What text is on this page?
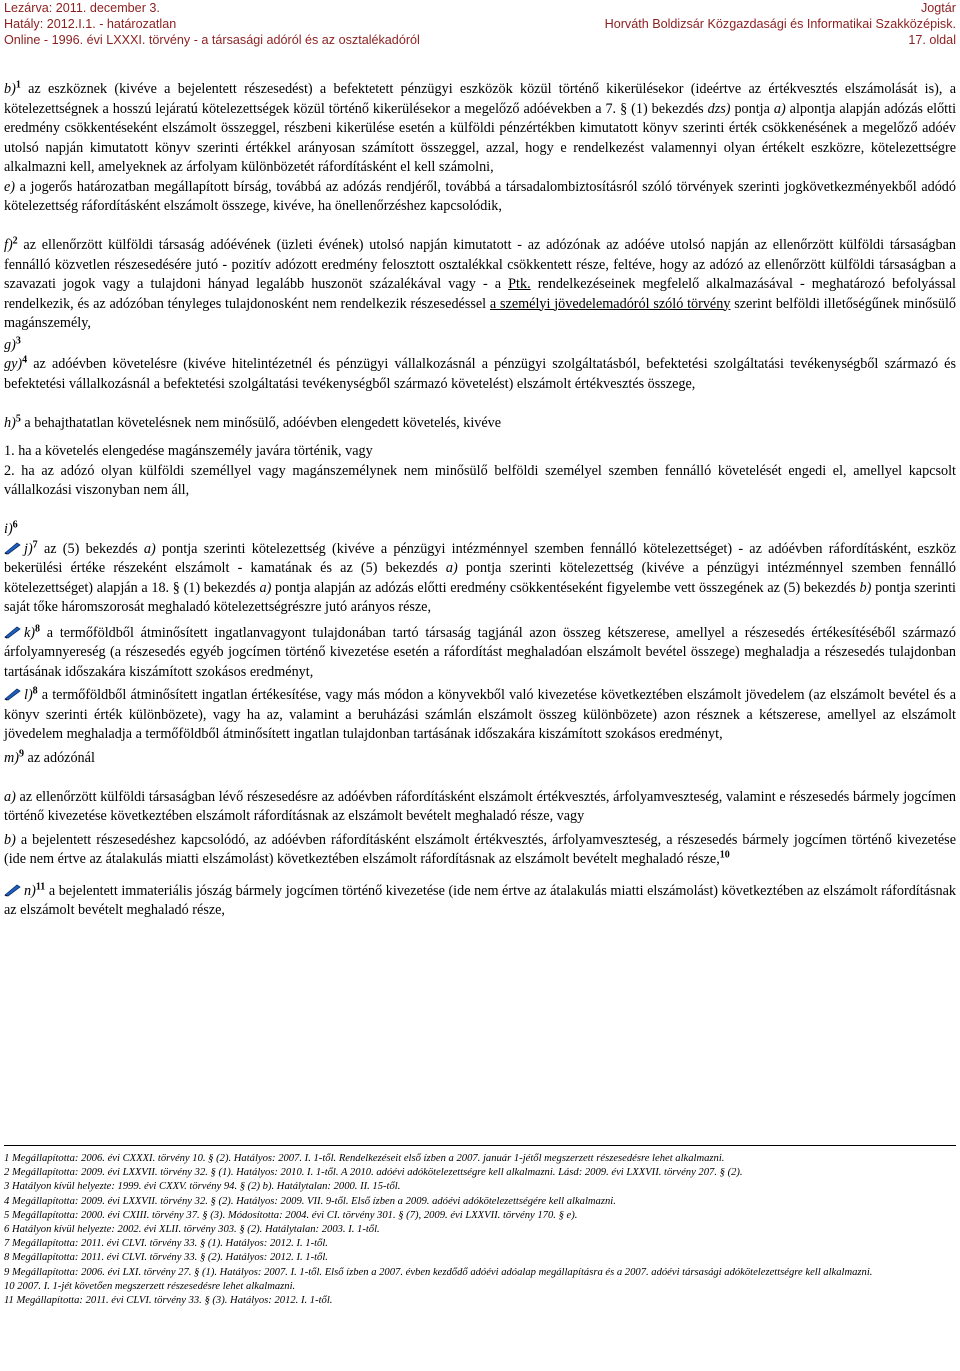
Lezárva: 2011. december 3.
Hatály: 2012.I.1. - határozatlan
Online - 1996. évi LXXXI. törvény - a társasági adóról és az osztalékadóról
Jogtár
Horváth Boldizsár Közgazdasági és Informatikai Szakközépisk.
17. oldal

b)$^1$ az eszköznek (kivéve a bejelentett részesedést) a befektetett pénzügyi eszközök közül történő kikerülésekor (ideértve az értékvesztés elszámolását is), a kötelezettségnek a hosszú lejáratú kötelezettségek közül történő kikerülésekor a megelőző adóévekben a 7. § (1) bekezdés dzs) pontja a) alpontja alapján adózás előtti eredmény csökkentéseként elszámolt összeggel, részbeni kikerülése esetén a külföldi pénzértékben kimutatott könyv szerinti érték csökkenésének a megelőző adóév utolsó napján kimutatott könyv szerinti értékkel arányosan számított összeggel, azzal, hogy e rendelkezést valamennyi olyan értékelt eszközre, kötelezettségre alkalmazni kell, amelyeknek az árfolyam különbözetét ráfordításként el kell számolni,

e) a jogerős határozatban megállapított bírság, továbbá az adózás rendjéről, továbbá a társadalombiztosításról szóló törvények szerinti jogkövetkezményekből adódó kötelezettség ráfordításként elszámolt összege, kivéve, ha önellenőrzéshez kapcsolódik,

f)$^2$ az ellenőrzött külföldi társaság adóévének (üzleti évének) utolsó napján kimutatott - az adózónak az adóéve utolsó napján az ellenőrzött külföldi társaságban fennálló közvetlen részesedésére jutó - pozitív adózott eredmény felosztott osztalékkal csökkentett része, feltéve, hogy az adózó az ellenőrzött külföldi társaságban a szavazati jogok vagy a tulajdoni hányad legalább huszonöt százalékával vagy - a Ptk. rendelkezéseinek megfelelő alkalmazásával - meghatározó befolyással rendelkezik, és az adózóban tényleges tulajdonosként nem rendelkezik részesedéssel a személyi jövedelemadóról szóló törvény szerint belföldi illetőségűnek minősülő magánszemély,

g)$^3$

gy)$^4$ az adóévben követelésre (kivéve hitelintézetnél és pénzügyi vállalkozásnál a pénzügyi szolgáltatásból, befektetési szolgáltatási tevékenységből származó és befektetési vállalkozásnál a befektetési szolgáltatási tevékenységből származó követelést) elszámolt értékvesztés összege,

h)$^5$ a behajthatatlan követelésnek nem minősülő, adóévben elengedett követelés, kivéve

1. ha a követelés elengedése magánszemély javára történik, vagy

2. ha az adózó olyan külföldi személlyel vagy magánszemélynek nem minősülő belföldi személyel szemben fennálló követelését engedi el, amellyel kapcsolt vállalkozási viszonyban nem áll,

i)$^6$

j)$^7$ az (5) bekezdés a) pontja szerinti kötelezettség (kivéve a pénzügyi intézménnyel szemben fennálló kötelezettséget) - az adóévben ráfordításként, eszköz bekerülési értéke részeként elszámolt - kamatának és az (5) bekezdés a) pontja szerinti kötelezettség (kivéve a pénzügyi intézménnyel szemben fennálló kötelezettséget) alapján a 18. § (1) bekezdés a) pontja alapján az adózás előtti eredmény csökkentéseként figyelembe vett összegének az (5) bekezdés b) pontja szerinti saját tőke háromszorosát meghaladó kötelezettségrészre jutó arányos része,

k)$^8$ a termőföldből átminősített ingatlanvagyont tulajdonában tartó társaság tagjánál azon összeg kétszerese, amellyel a részesedés értékesítéséből származó árfolyamnyereség (a részesedés egyéb jogcímen történő kivezetése esetén a ráfordítást meghaladóan elszámolt bevétel összege) meghaladja a részesedés tulajdonban tartásának időszakára kiszámított szokásos eredményt,

l)$^8$ a termőföldből átminősített ingatlan értékesítése, vagy más módon a könyvekből való kivezetése következtében elszámolt jövedelem (az elszámolt bevétel és a könyv szerinti érték különbözete), vagy ha az, valamint a beruházási számlán elszámolt összeg különbözete) azon résznek a kétszerese, amellyel az elszámolt jövedelem meghaladja a termőföldből átminősített ingatlan tulajdonban tartásának időszakára kiszámított szokásos eredményt,

m)$^9$ az adózónál

a) az ellenőrzött külföldi társaságban lévő részesedésre az adóévben ráfordításként elszámolt értékvesztés, árfolyamveszteség, valamint e részesedés bármely jogcímen történő kivezetése következtében elszámolt ráfordításnak az elszámolt bevételt meghaladó része, vagy

b) a bejelentett részesedéshez kapcsolódó, az adóévben ráfordításként elszámolt értékvesztés, árfolyamveszteség, a részesedés bármely jogcímen történő kivezetése (ide nem értve az átalakulás miatti elszámolást) következtében elszámolt ráfordításnak az elszámolt bevételt meghaladó része,$^{10}$

n)$^{11}$ a bejelentett immateriális jószág bármely jogcímen történő kivezetése (ide nem értve az átalakulás miatti elszámolást) következtében az elszámolt ráfordításnak az elszámolt bevételt meghaladó része,

1 Megállapította: 2006. évi CXXXI. törvény 10. § (2). Hatályos: 2007. I. 1-től. Rendelkezéseit első ízben a 2007. január 1-jétől megszerzett részesedésre lehet alkalmazni.

2 Megállapította: 2009. évi LXXVII. törvény 32. § (1). Hatályos: 2010. I. 1-től. A 2010. adóévi adókötelezettségre kell alkalmazni. Lásd: 2009. évi LXXVII. törvény 207. § (2).

3 Hatályon kívül helyezte: 1999. évi CXXV. törvény 94. § (2) b). Hatálytalan: 2000. II. 15-től.

4 Megállapította: 2009. évi LXXVII. törvény 32. § (2). Hatályos: 2009. VII. 9-től. Első ízben a 2009. adóévi adókötelezettségére kell alkalmazni.

5 Megállapította: 2000. évi CXIII. törvény 37. § (3). Módosította: 2004. évi CI. törvény 301. § (7), 2009. évi LXXVII. törvény 170. § e).

6 Hatályon kívül helyezte: 2002. évi XLII. törvény 303. § (2). Hatálytalan: 2003. I. 1-től.

7 Megállapította: 2011. évi CLVI. törvény 33. § (1). Hatályos: 2012. I. 1-től.

8 Megállapította: 2011. évi CLVI. törvény 33. § (2). Hatályos: 2012. I. 1-től.

9 Megállapította: 2006. évi LXI. törvény 27. § (1). Hatályos: 2007. I. 1-től. Első ízben a 2007. évben kezdődő adóévi adóalap megállapításra és a 2007. adóévi társasági adókötelezettségre kell alkalmazni.

10 2007. I. 1-jét követően megszerzett részesedésre lehet alkalmazni.

11 Megállapította: 2011. évi CLVI. törvény 33. § (3). Hatályos: 2012. I. 1-től.
